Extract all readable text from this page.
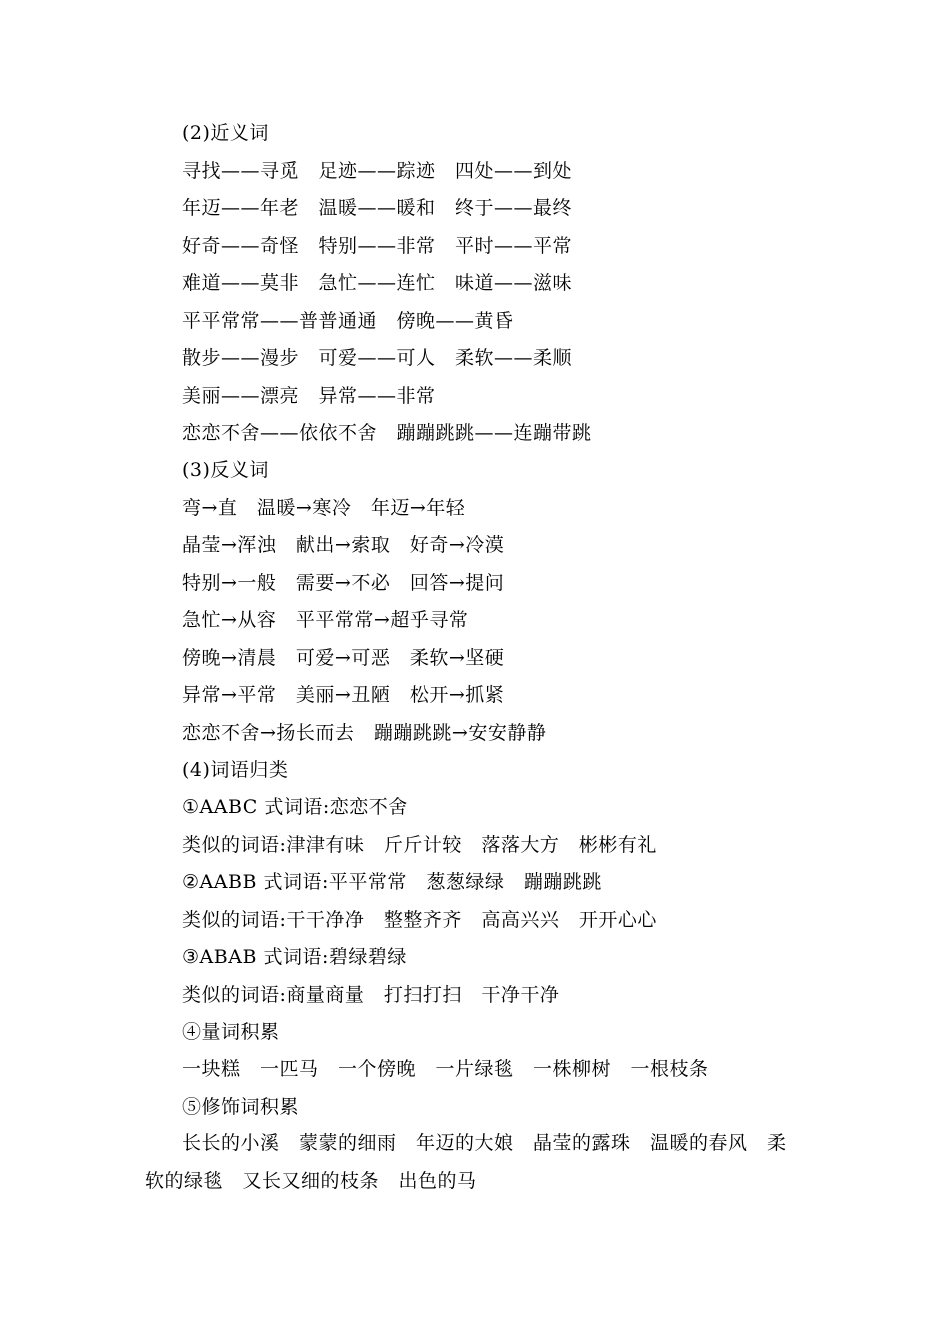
(2)近义词
寻找——寻觅　足迹——踪迹　四处——到处
年迈——年老　温暖——暖和　终于——最终
好奇——奇怪　特别——非常　平时——平常
难道——莫非　急忙——连忙　味道——滋味
平平常常——普普通通　傍晚——黄昏
散步——漫步　可爱——可人　柔软——柔顺
美丽——漂亮　异常——非常
恋恋不舍——依依不舍　蹦蹦跳跳——连蹦带跳
(3)反义词
弯→直　温暖→寒冷　年迈→年轻
晶莹→浑浊　献出→索取　好奇→冷漠
特别→一般　需要→不必　回答→提问
急忙→从容　平平常常→超乎寻常
傍晚→清晨　可爱→可恶　柔软→坚硬
异常→平常　美丽→丑陋　松开→抓紧
恋恋不舍→扬长而去　蹦蹦跳跳→安安静静
(4)词语归类
①AABC 式词语:恋恋不舍
类似的词语:津津有味　斤斤计较　落落大方　彬彬有礼
②AABB 式词语:平平常常　葱葱绿绿　蹦蹦跳跳
类似的词语:干干净净　整整齐齐　高高兴兴　开开心心
③ABAB 式词语:碧绿碧绿
类似的词语:商量商量　打扫打扫　干净干净
④量词积累
一块糕　一匹马　一个傍晚　一片绿毯　一株柳树　一根枝条
⑤修饰词积累
长长的小溪　蒙蒙的细雨　年迈的大娘　晶莹的露珠　温暖的春风　柔软的绿毯　又长又细的枝条　出色的马
